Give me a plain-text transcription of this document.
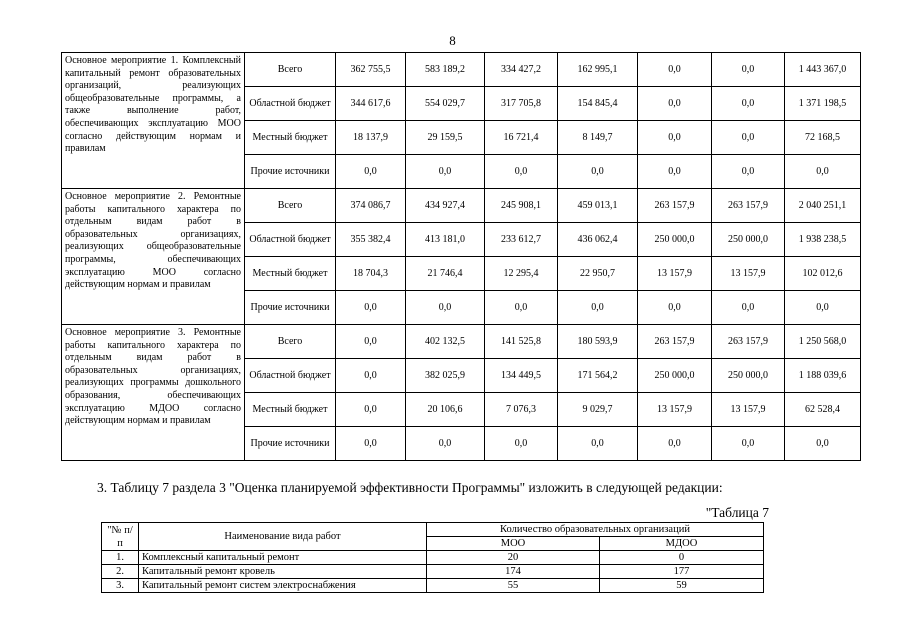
8
Основное мероприятие 1. Комплексный капитальный ремонт образовательных организаций, реализующих общеобразовательные программы, а также выполнение работ, обеспечивающих эксплуатацию МОО согласно действующим нормам и правилам	Всего	362 755,5	583 189,2	334 427,2	162 995,1	0,0	0,0	1 443 367,0
	Областной бюджет	344 617,6	554 029,7	317 705,8	154 845,4	0,0	0,0	1 371 198,5
	Местный бюджет	18 137,9	29 159,5	16 721,4	8 149,7	0,0	0,0	72 168,5
	Прочие источники	0,0	0,0	0,0	0,0	0,0	0,0	0,0
Основное мероприятие 2. Ремонтные работы капитального характера по отдельным видам работ в образовательных организациях, реализующих общеобразовательные программы, обеспечивающих эксплуатацию МОО согласно действующим нормам и правилам	Всего	374 086,7	434 927,4	245 908,1	459 013,1	263 157,9	263 157,9	2 040 251,1
	Областной бюджет	355 382,4	413 181,0	233 612,7	436 062,4	250 000,0	250 000,0	1 938 238,5
	Местный бюджет	18 704,3	21 746,4	12 295,4	22 950,7	13 157,9	13 157,9	102 012,6
	Прочие источники	0,0	0,0	0,0	0,0	0,0	0,0	0,0
Основное мероприятие 3. Ремонтные работы капитального характера по отдельным видам работ в образовательных организациях, реализующих программы дошкольного образования, обеспечивающих эксплуатацию МДОО согласно действующим нормам и правилам	Всего	0,0	402 132,5	141 525,8	180 593,9	263 157,9	263 157,9	1 250 568,0
	Областной бюджет	0,0	382 025,9	134 449,5	171 564,2	250 000,0	250 000,0	1 188 039,6
	Местный бюджет	0,0	20 106,6	7 076,3	9 029,7	13 157,9	13 157,9	62 528,4
	Прочие источники	0,0	0,0	0,0	0,0	0,0	0,0	0,0
3. Таблицу 7 раздела 3 "Оценка планируемой эффективности Программы" изложить в следующей редакции:
"Таблица 7
"№ п/п	Наименование вида работ	Количество образовательных организаций	
		МОО	МДОО
1.	Комплексный капитальный ремонт	20	0
2.	Капитальный ремонт кровель	174	177
3.	Капитальный ремонт систем электроснабжения	55	59
